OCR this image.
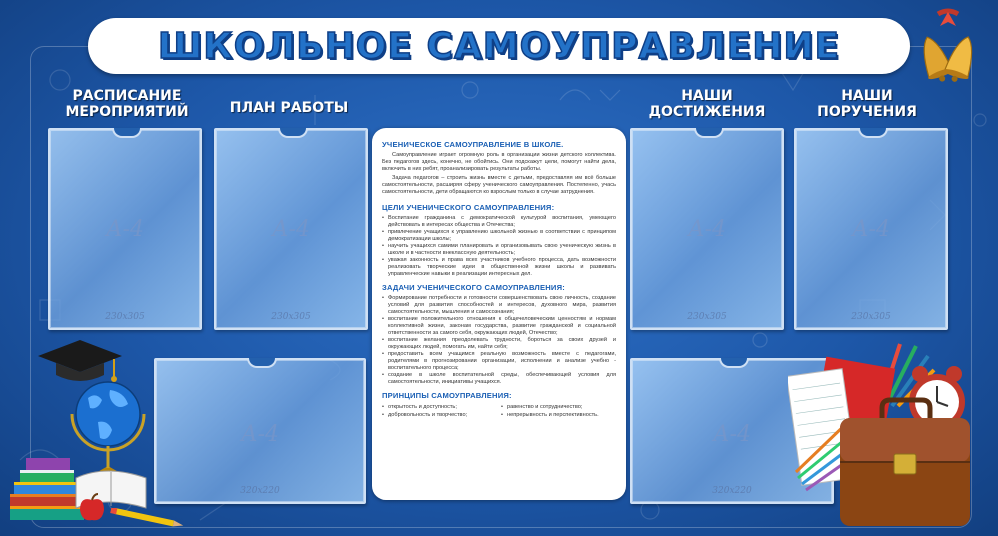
ШКОЛЬНОЕ САМОУПРАВЛЕНИЕ
РАСПИСАНИЕ
МЕРОПРИЯТИЙ	ПЛАН РАБОТЫ
НАШИ
ДОСТИЖЕНИЯ
НАШИ
ПОРУЧЕНИЯ
А-4
230x305
А-4
230x305
А-4
230x305
А-4
230x305
А-4
320x220
А-4
320x220
УЧЕНИЧЕСКОЕ САМОУПРАВЛЕНИЕ В ШКОЛЕ.

Самоуправление играет огромную роль в организации жизни детского коллектива. Без педагогов здесь, конечно, не обойтись. Они подскажут цели, помогут найти дела, включить в них ребят, проанализировать результаты работы.

Задача педагогов – строить жизнь вместе с детьми, предоставляя им всё больше самостоятельности, расширяя сферу ученического самоуправления. Постепенно, учась самостоятельности, дети обращаются ко взрослым только в случае затруднения.

ЦЕЛИ УЧЕНИЧЕСКОГО САМОУПРАВЛЕНИЯ:
• Воспитание гражданина с демократической культурой воспитания, умеющего действовать в интересах общества и Отечества;
• привлечение учащихся к управлению школьной жизнью в соответствии с принципом демократизации школы;
• научить учащихся самими планировать и организовывать свою ученическую жизнь в школе и в частности внеклассную деятельность;
• уважая законность и права всех участников учебного процесса, дать возможности реализовать творческие идеи в общественной жизни школы и развивать управленческие навыки в реализации интересных дел.
ЗАДАЧИ УЧЕНИЧЕСКОГО САМОУПРАВЛЕНИЯ:
• Формирование потребности и готовности совершенствовать свою личность, создание условий для развития способностей и интересов, духовного мира, развития самостоятельности, мышления и самосознания;
• воспитание положительного отношения к общечеловеческим ценностям и нормам коллективной жизни, законам государства, развитие гражданской и социальной ответственности за самого себя, окружающих людей, Отечество;
• воспитание желания преодолевать трудности, бороться за своих друзей и окружающих людей, помогать им, найти себя;
• предоставить всем учащимся реальную возможность вместе с педагогами, родителями в прогнозировании организации, исполнении и анализе учебно - воспитательного процесса;
• создание в школе воспитательной среды, обеспечивающей условия для самостоятельности, инициативы учащихся.
ПРИНЦИПЫ САМОУПРАВЛЕНИЯ:
• открытость и доступность;	• равенство и сотрудничество;
• добровольность и творчество;	• непрерывность и перспективность.
